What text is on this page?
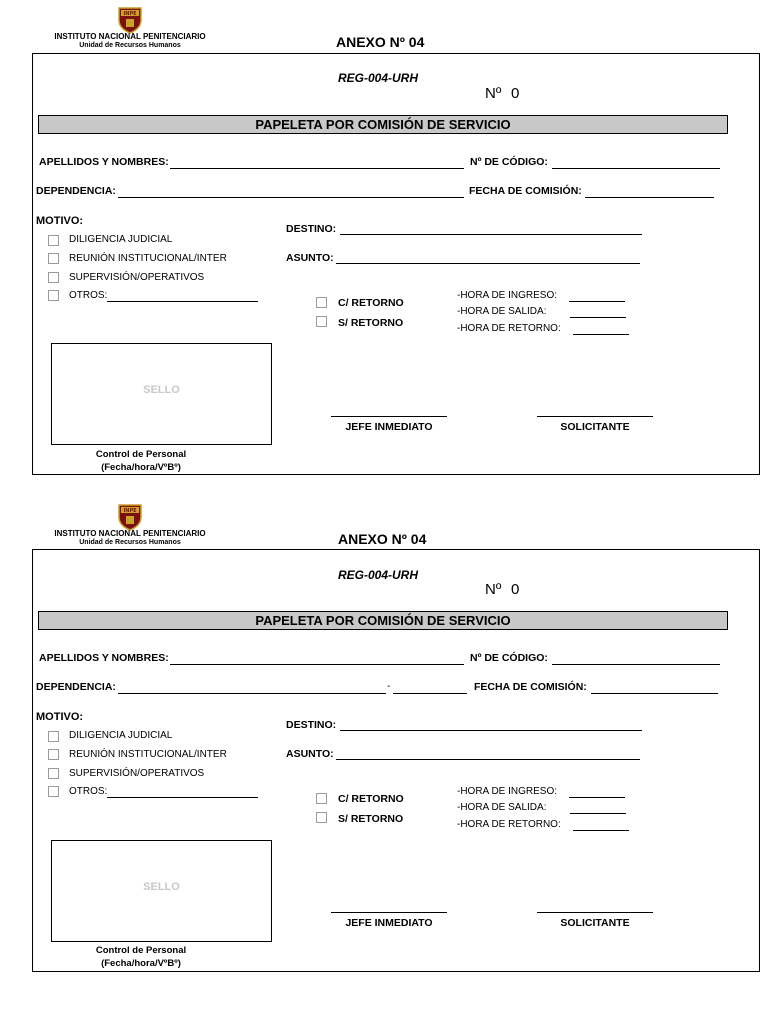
INPE
INSTITUTO NACIONAL PENITENCIARIO
Unidad de Recursos Humanos	ANEXO Nº 04
REG-004-URH
Nº 0
PAPELETA POR COMISIÓN DE SERVICIO
APELLIDOS Y NOMBRES:	Nº DE CÓDIGO:
DEPENDENCIA:	FECHA DE COMISIÓN:
MOTIVO:
DILIGENCIA JUDICIAL
REUNIÓN INSTITUCIONAL/INTER
SUPERVISIÓN/OPERATIVOS
OTROS:
DESTINO:
ASUNTO:
C/ RETORNO
S/ RETORNO
-HORA DE INGRESO:
-HORA DE SALIDA:
-HORA DE RETORNO:
SELLO
Control de Personal
(Fecha/hora/VºBº)
JEFE INMEDIATO	SOLICITANTE
INPE
INSTITUTO NACIONAL PENITENCIARIO
Unidad de Recursos Humanos	ANEXO Nº 04
REG-004-URH
Nº 0
PAPELETA POR COMISIÓN DE SERVICIO
APELLIDOS Y NOMBRES:	Nº DE CÓDIGO:
DEPENDENCIA:	-	FECHA DE COMISIÓN:
MOTIVO:
DILIGENCIA JUDICIAL
REUNIÓN INSTITUCIONAL/INTER
SUPERVISIÓN/OPERATIVOS
OTROS:
DESTINO:
ASUNTO:
C/ RETORNO
S/ RETORNO
-HORA DE INGRESO:
-HORA DE SALIDA:
-HORA DE RETORNO:
SELLO
Control de Personal
(Fecha/hora/VºBº)
JEFE INMEDIATO	SOLICITANTE
